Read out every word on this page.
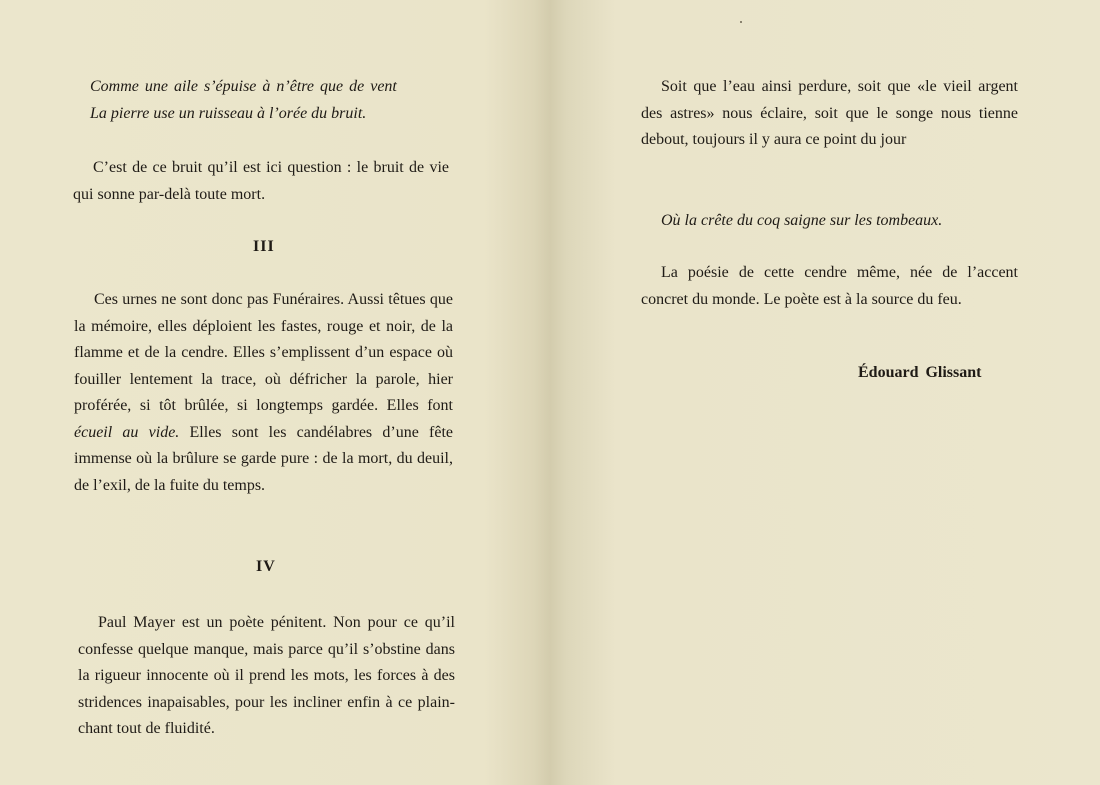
Comme une aile s’épuise à n’être que de vent
La pierre use un ruisseau à l’orée du bruit.

C’est de ce bruit qu’il est ici question : le bruit de vie qui sonne par-delà toute mort.

III

Ces urnes ne sont donc pas Funéraires. Aussi têtues que la mémoire, elles déploient les fastes, rouge et noir, de la flamme et de la cendre. Elles s’emplissent d’un espace où fouiller lentement la trace, où défricher la parole, hier proférée, si tôt brûlée, si longtemps gardée. Elles font écueil au vide. Elles sont les candélabres d’une fête immense où la brûlure se garde pure : de la mort, du deuil, de l’exil, de la fuite du temps.

IV

Paul Mayer est un poète pénitent. Non pour ce qu’il confesse quelque manque, mais parce qu’il s’obstine dans la rigueur innocente où il prend les mots, les forces à des stridences inapaisables, pour les incliner enfin à ce plain-chant tout de fluidité.

Soit que l’eau ainsi perdure, soit que «le vieil argent des astres» nous éclaire, soit que le songe nous tienne debout, toujours il y aura ce point du jour

Où la crête du coq saigne sur les tombeaux.

La poésie de cette cendre même, née de l’accent concret du monde. Le poète est à la source du feu.

Édouard Glissant
